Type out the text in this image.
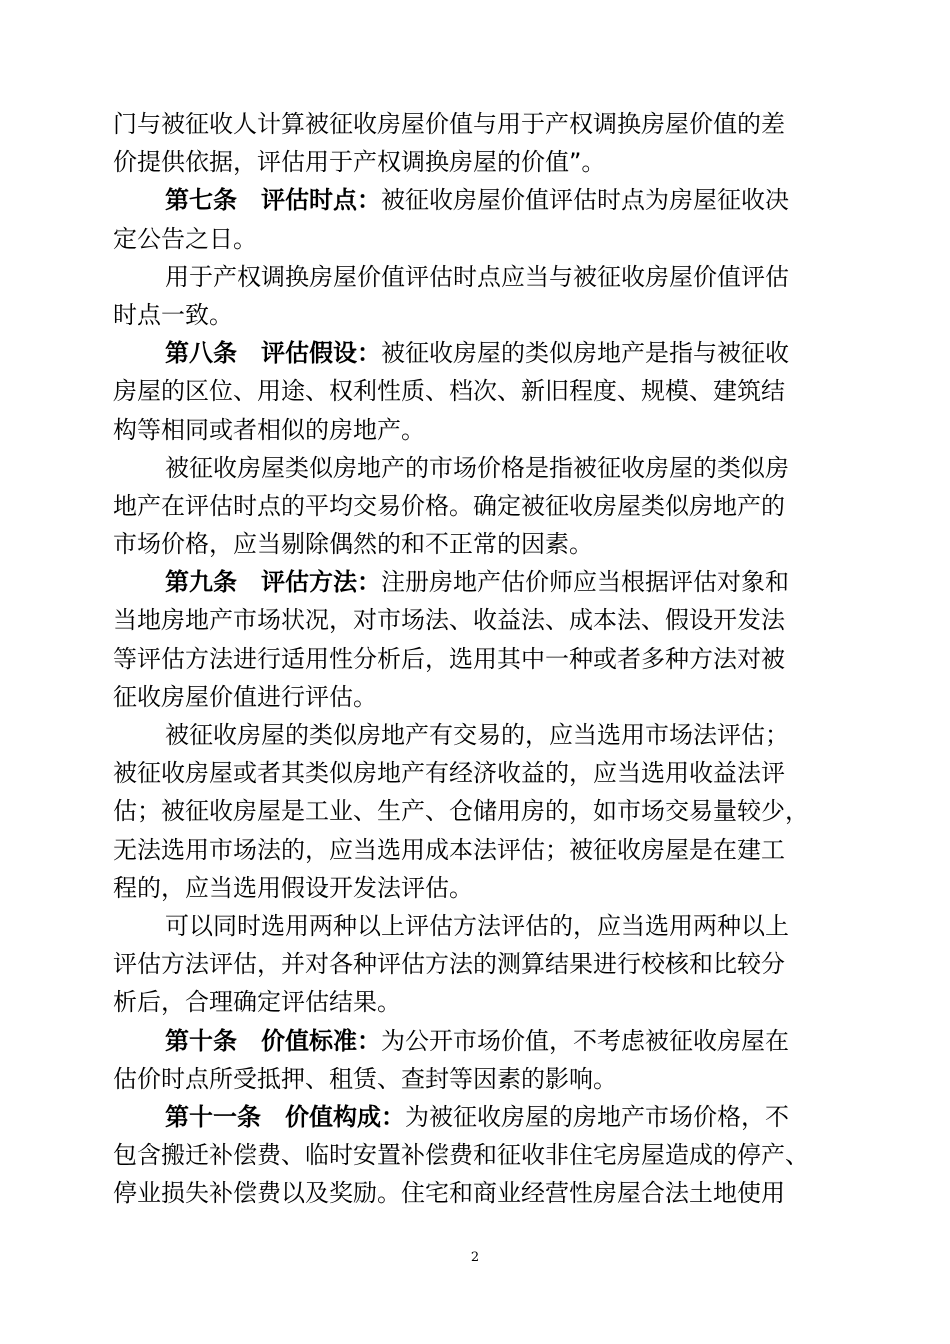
门与被征收人计算被征收房屋价值与用于产权调换房屋价值的差
价提供依据，评估用于产权调换房屋的价值”。
第七条　评估时点：被征收房屋价值评估时点为房屋征收决
定公告之日。
用于产权调换房屋价值评估时点应当与被征收房屋价值评估
时点一致。
第八条　评估假设：被征收房屋的类似房地产是指与被征收
房屋的区位、用途、权利性质、档次、新旧程度、规模、建筑结
构等相同或者相似的房地产。
被征收房屋类似房地产的市场价格是指被征收房屋的类似房
地产在评估时点的平均交易价格。确定被征收房屋类似房地产的
市场价格，应当剔除偶然的和不正常的因素。
第九条　评估方法：注册房地产估价师应当根据评估对象和
当地房地产市场状况，对市场法、收益法、成本法、假设开发法
等评估方法进行适用性分析后，选用其中一种或者多种方法对被
征收房屋价值进行评估。
被征收房屋的类似房地产有交易的，应当选用市场法评估；
被征收房屋或者其类似房地产有经济收益的，应当选用收益法评
估；被征收房屋是工业、生产、仓储用房的，如市场交易量较少，
无法选用市场法的，应当选用成本法评估；被征收房屋是在建工
程的，应当选用假设开发法评估。
可以同时选用两种以上评估方法评估的，应当选用两种以上
评估方法评估，并对各种评估方法的测算结果进行校核和比较分
析后，合理确定评估结果。
第十条　价值标准：为公开市场价值，不考虑被征收房屋在
估价时点所受抵押、租赁、查封等因素的影响。
第十一条　价值构成：为被征收房屋的房地产市场价格，不
包含搬迁补偿费、临时安置补偿费和征收非住宅房屋造成的停产、
停业损失补偿费以及奖励。住宅和商业经营性房屋合法土地使用
2
